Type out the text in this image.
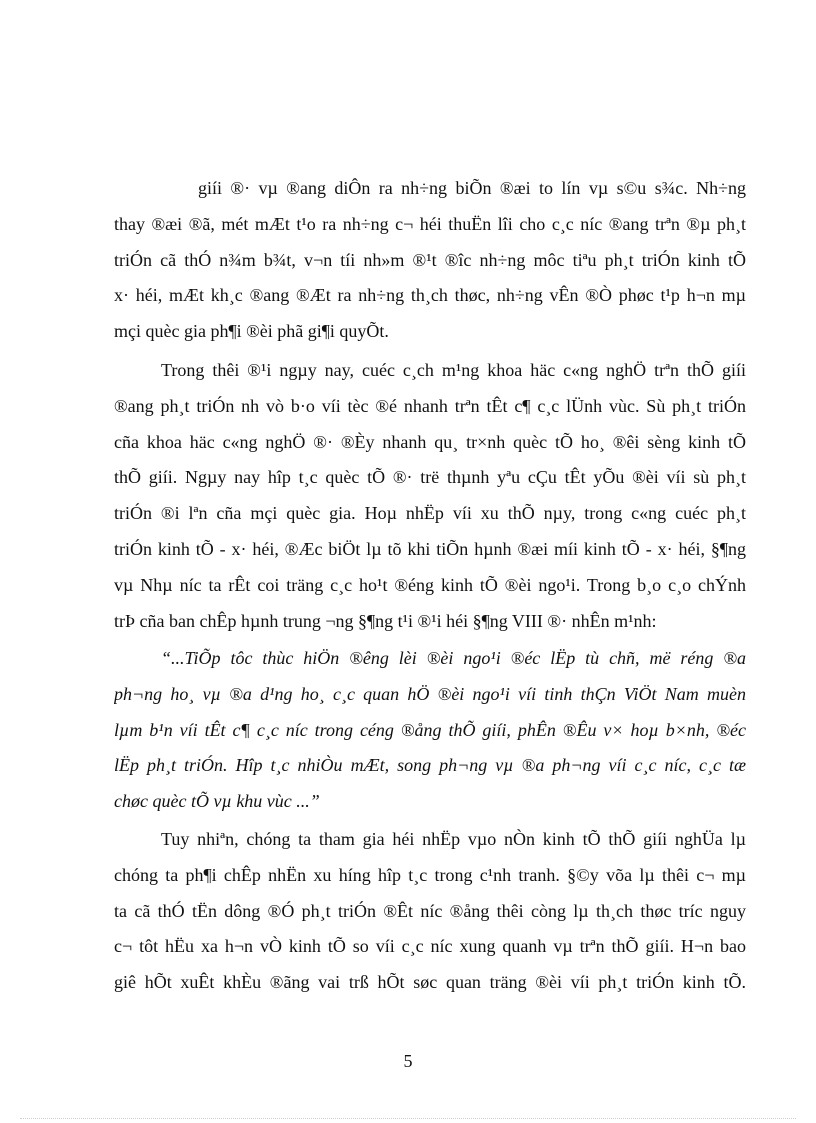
giíi ®· vµ ®ang diÔn ra nh÷ng biÕn ®æi to lín vµ s©u s¾c. Nh÷ng
thay ®æi ®ã, mét mÆt t¹o ra nh÷ng c¬ héi thuËn lîi cho c¸c níc ®ang trªn ®µ ph¸t
triÓn cã thÓ n¾m b¾t, v¬n tíi nh»m ®¹t ®îc nh÷ng môc tiªu ph¸t triÓn kinh tÕ
x· héi, mÆt kh¸c ®ang ®Æt ra nh÷ng th¸ch thøc, nh÷ng vÊn ®Ò phøc t¹p h¬n mµ
mçi quèc gia ph¶i ®èi phã gi¶i quyÕt.
Trong thêi ®¹i ngµy nay, cuéc c¸ch m¹ng khoa häc c«ng nghÖ trªn thÕ giíi
®ang ph¸t triÓn nh vò b·o víi tèc ®é nhanh trªn tÊt c¶ c¸c lÜnh vùc. Sù ph¸t triÓn
cña khoa häc c«ng nghÖ ®· ®Èy nhanh qu¸ tr×nh quèc tÕ ho¸ ®êi sèng kinh tÕ
thÕ giíi. Ngµy nay hîp t¸c quèc tÕ ®· trë thµnh yªu cÇu tÊt yÕu ®èi víi sù ph¸t
triÓn ®i lªn cña mçi quèc gia. Hoµ nhËp víi xu thÕ nµy, trong c«ng cuéc ph¸t
triÓn kinh tÕ - x· héi, ®Æc biÖt lµ tõ khi tiÕn hµnh ®æi míi kinh tÕ - x· héi, §¶ng
vµ Nhµ níc ta rÊt coi träng c¸c ho¹t ®éng kinh tÕ ®èi ngo¹i. Trong b¸o c¸o chÝnh
trÞ cña ban chÊp hµnh trung ¬ng §¶ng t¹i ®¹i héi §¶ng VIII ®· nhÊn m¹nh:
“...TiÕp tôc thùc hiÖn ®êng lèi ®èi ngo¹i ®éc lËp tù chñ, më réng ®a
ph¬ng ho¸ vµ ®a d¹ng ho¸ c¸c quan hÖ ®èi ngo¹i víi tinh thÇn ViÖt Nam muèn
lµm b¹n víi tÊt c¶ c¸c níc trong céng ®ång thÕ giíi, phÊn ®Êu v× hoµ b×nh, ®éc
lËp ph¸t triÓn. Hîp t¸c nhiÒu mÆt, song ph¬ng vµ ®a ph¬ng víi c¸c níc, c¸c tæ
chøc quèc tÕ vµ khu vùc ...”
Tuy nhiªn, chóng ta tham gia héi nhËp vµo nÒn kinh tÕ thÕ giíi nghÜa lµ
chóng ta ph¶i chÊp nhËn xu híng hîp t¸c trong c¹nh tranh. §©y võa lµ thêi c¬ mµ
ta cã thÓ tËn dông ®Ó ph¸t triÓn ®Êt níc ®ång thêi còng lµ th¸ch thøc tríc nguy
c¬ tôt hËu xa h¬n vÒ kinh tÕ so víi c¸c níc xung quanh vµ trªn thÕ giíi. H¬n bao
giê hÕt xuÊt khÈu ®ãng vai trß hÕt søc quan träng ®èi víi ph¸t triÓn kinh tÕ.
5
